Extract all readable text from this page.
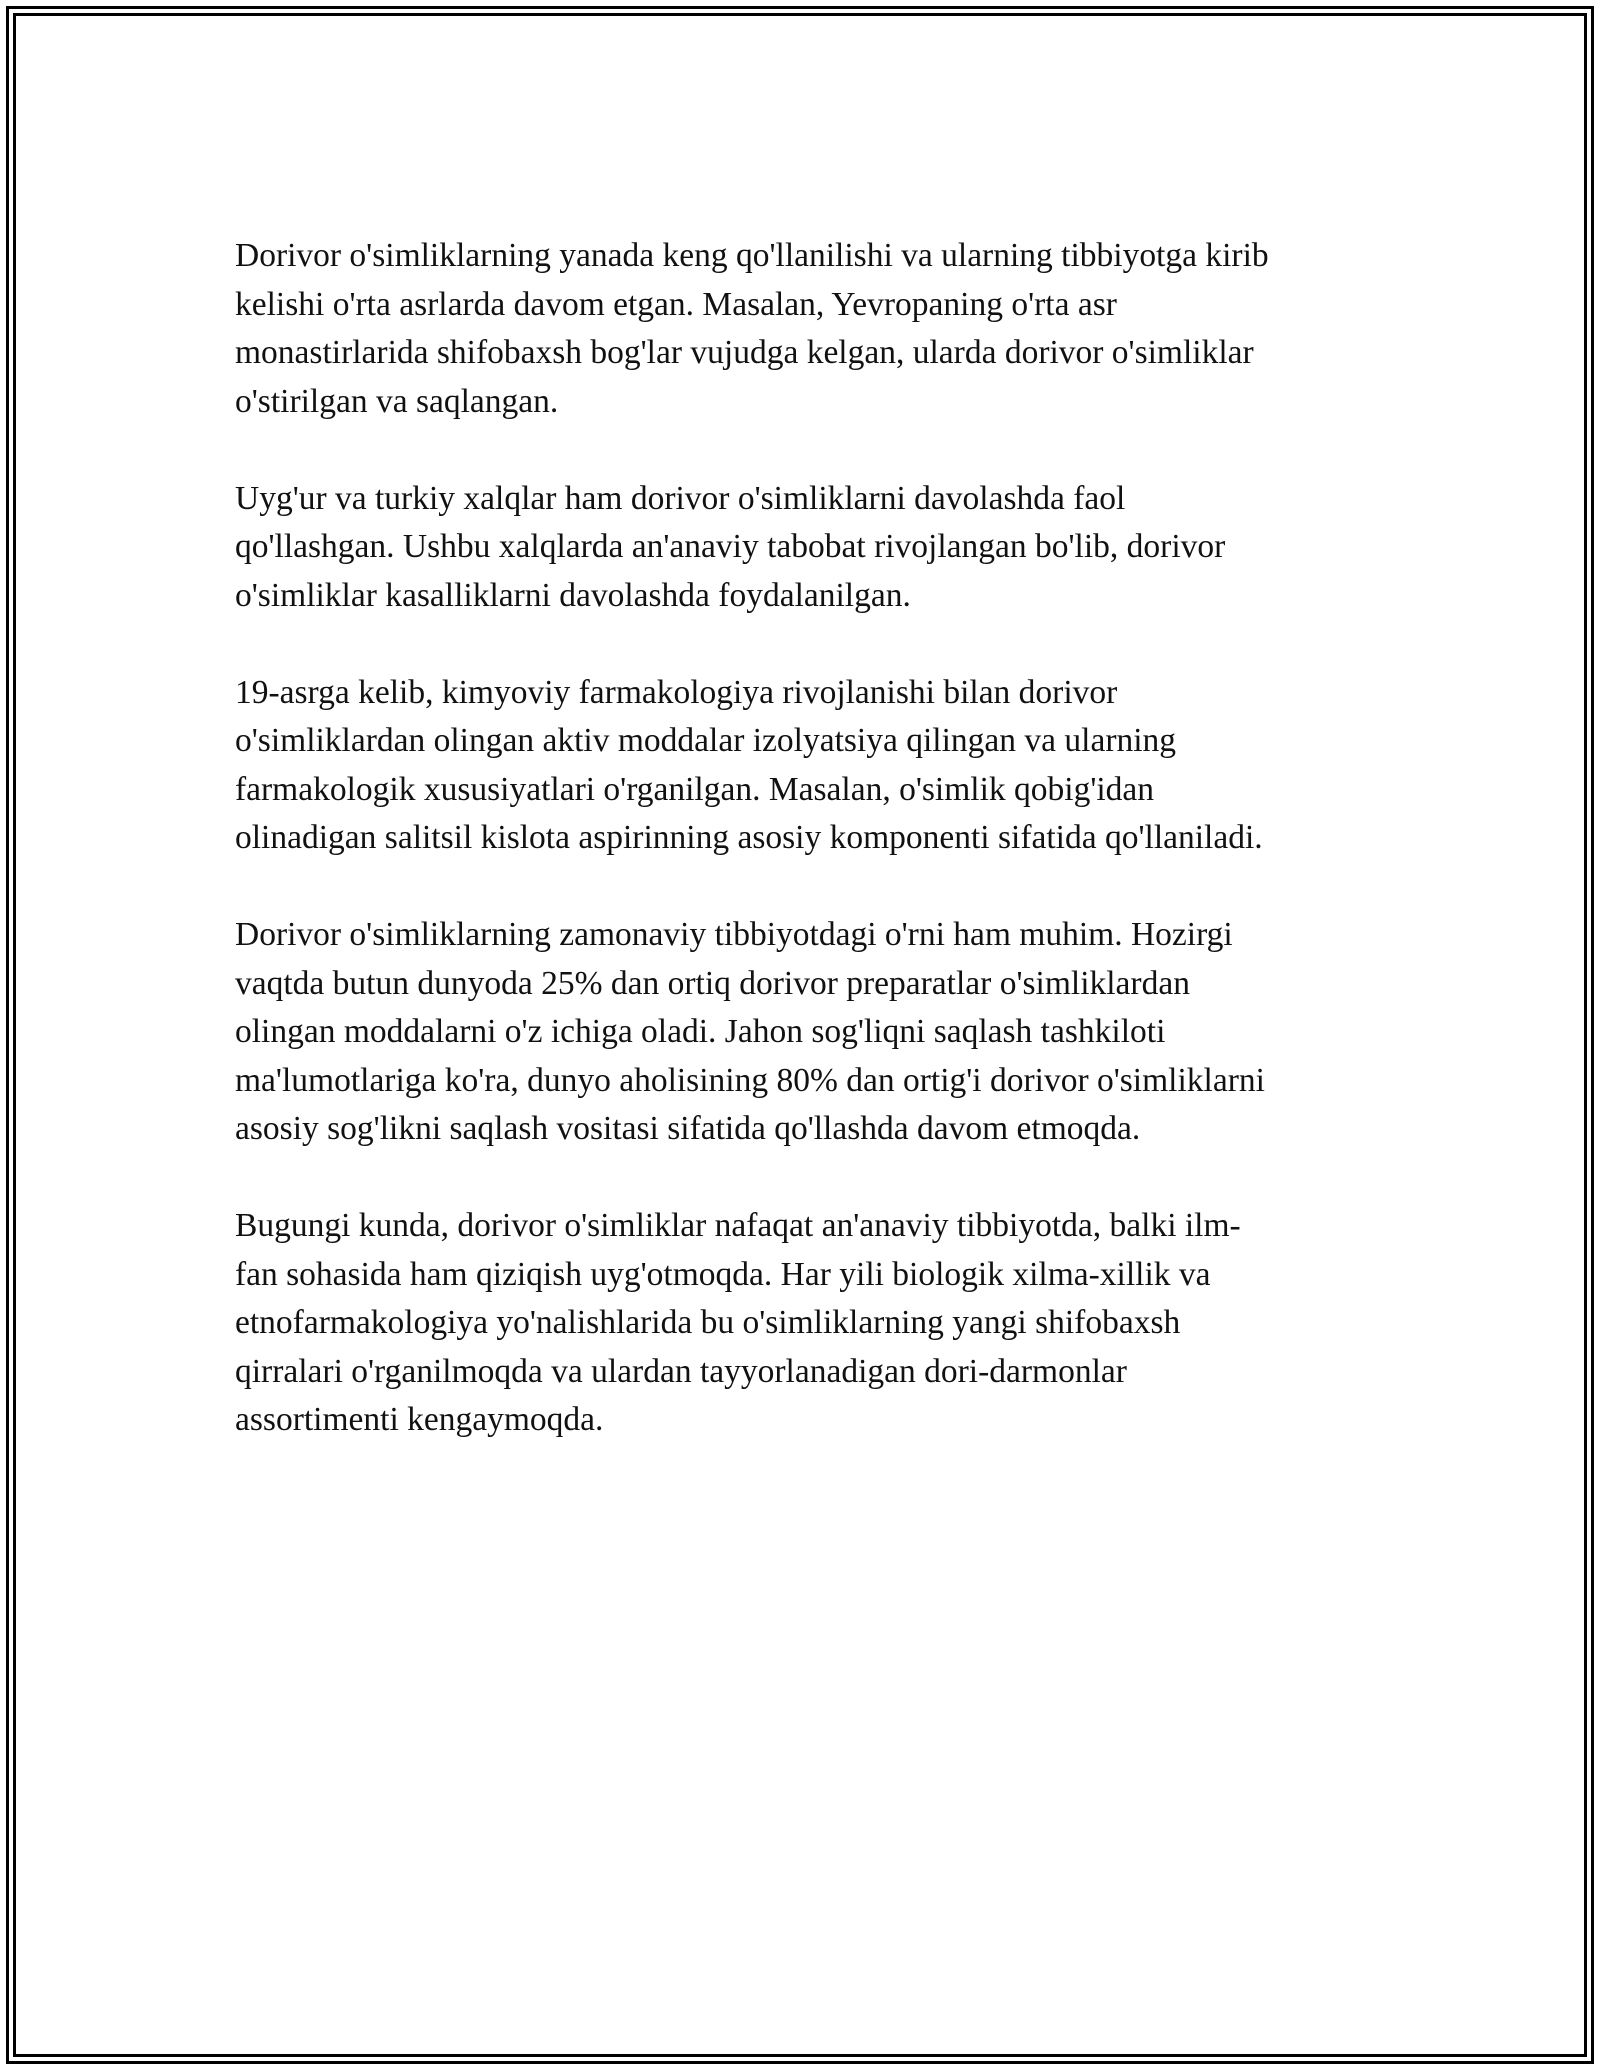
Dorivor o'simliklarning yanada keng qo'llanilishi va ularning tibbiyotga kirib
kelishi o'rta asrlarda davom etgan. Masalan, Yevropaning o'rta asr
monastirlarida shifobaxsh bog'lar vujudga kelgan, ularda dorivor o'simliklar
o'stirilgan va saqlangan.

Uyg'ur va turkiy xalqlar ham dorivor o'simliklarni davolashda faol
qo'llashgan. Ushbu xalqlarda an'anaviy tabobat rivojlangan bo'lib, dorivor
o'simliklar kasalliklarni davolashda foydalanilgan.

19-asrga kelib, kimyoviy farmakologiya rivojlanishi bilan dorivor
o'simliklardan olingan aktiv moddalar izolyatsiya qilingan va ularning
farmakologik xususiyatlari o'rganilgan. Masalan, o'simlik qobig'idan
olinadigan salitsil kislota aspirinning asosiy komponenti sifatida qo'llaniladi.

Dorivor o'simliklarning zamonaviy tibbiyotdagi o'rni ham muhim. Hozirgi
vaqtda butun dunyoda 25% dan ortiq dorivor preparatlar o'simliklardan
olingan moddalarni o'z ichiga oladi. Jahon sog'liqni saqlash tashkiloti
ma'lumotlariga ko'ra, dunyo aholisining 80% dan ortig'i dorivor o'simliklarni
asosiy sog'likni saqlash vositasi sifatida qo'llashda davom etmoqda.

Bugungi kunda, dorivor o'simliklar nafaqat an'anaviy tibbiyotda, balki ilm-
fan sohasida ham qiziqish uyg'otmoqda. Har yili biologik xilma-xillik va
etnofarmakologiya yo'nalishlarida bu o'simliklarning yangi shifobaxsh
qirralari o'rganilmoqda va ulardan tayyorlanadigan dori-darmonlar
assortimenti kengaymoqda.
